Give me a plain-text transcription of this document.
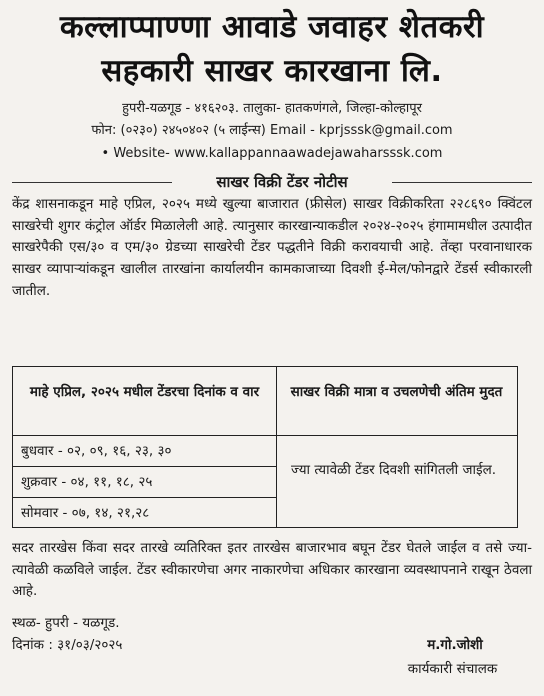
कल्लाप्पाण्णा आवाडे जवाहर शेतकरी
सहकारी साखर कारखाना लि.
हुपरी-यळगूड - ४१६२०३. तालुका- हातकणंगले, जिल्हा-कोल्हापूर
फोन: (०२३०) २४५०४०२ (५ लाईन्स) Email - kprjsssk@gmail.com
• Website- www.kallappannaawadejawaharsssk.com
साखर विक्री टेंडर नोटीस

केंद्र शासनाकडून माहे एप्रिल, २०२५ मध्ये खुल्या बाजारात (फ्रीसेल) साखर विक्रीकरिता २२८६९० क्विंटल साखरेची शुगर कंट्रोल ऑर्डर मिळालेली आहे. त्यानुसार कारखान्याकडील २०२४-२०२५ हंगामामधील उत्पादीत साखरेपैकी एस/३० व एम/३० ग्रेडच्या साखरेची टेंडर पद्धतीने विक्री करावयाची आहे. तेंव्हा परवानाधारक साखर व्यापाऱ्यांकडून खालील तारखांना कार्यालयीन कामकाजाच्या दिवशी ई-मेल/फोनद्वारे टेंडर्स स्वीकारली जातील.

माहे एप्रिल, २०२५ मधील टेंडरचा दिनांक व वार	साखर विक्री मात्रा व उचलणेची अंतिम मुदत
बुधवार - ०२, ०९, १६, २३, ३०
शुक्रवार - ०४, ११, १८, २५
सोमवार - ०७, १४, २१,२८
ज्या त्यावेळी टेंडर दिवशी सांगितली जाईल.

सदर तारखेस किंवा सदर तारखे व्यतिरिक्त इतर तारखेस बाजारभाव बघून टेंडर घेतले जाईल व तसे ज्या- त्यावेळी कळविले जाईल. टेंडर स्वीकारणेचा अगर नाकारणेचा अधिकार कारखाना व्यवस्थापनाने राखून ठेवला आहे.

स्थळ- हुपरी - यळगूड.
दिनांक : ३१/०३/२०२५	म.गो.जोशी
कार्यकारी संचालक
